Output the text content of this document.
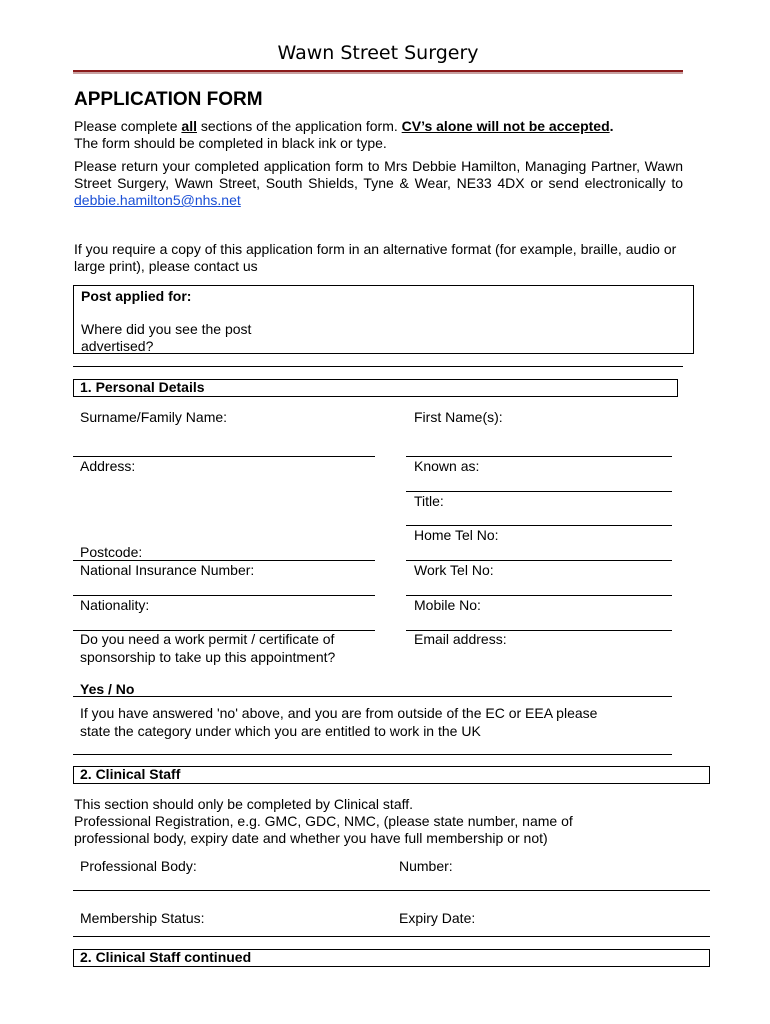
Wawn Street Surgery
APPLICATION FORM
Please complete all sections of the application form. CV’s alone will not be accepted.
The form should be completed in black ink or type.
Please return your completed application form to Mrs Debbie Hamilton, Managing Partner, Wawn Street Surgery, Wawn Street, South Shields, Tyne & Wear, NE33 4DX or send electronically to debbie.hamilton5@nhs.net
If you require a copy of this application form in an alternative format (for example, braille, audio or large print), please contact us
Post applied for:
Where did you see the post
advertised?
1. Personal Details
Surname/Family Name:	First Name(s):
Address:	Known as:
Title:
Home Tel No:
Postcode:
National Insurance Number:	Work Tel No:
Nationality:	Mobile No:
Do you need a work permit / certificate of
sponsorship to take up this appointment?
Email address:
Yes / No
If you have answered 'no' above, and you are from outside of the EC or EEA please
state the category under which you are entitled to work in the UK
2. Clinical Staff
This section should only be completed by Clinical staff.
Professional Registration, e.g. GMC, GDC, NMC, (please state number, name of
professional body, expiry date and whether you have full membership or not)
Professional Body:	Number:
Membership Status:	Expiry Date:
2. Clinical Staff continued
